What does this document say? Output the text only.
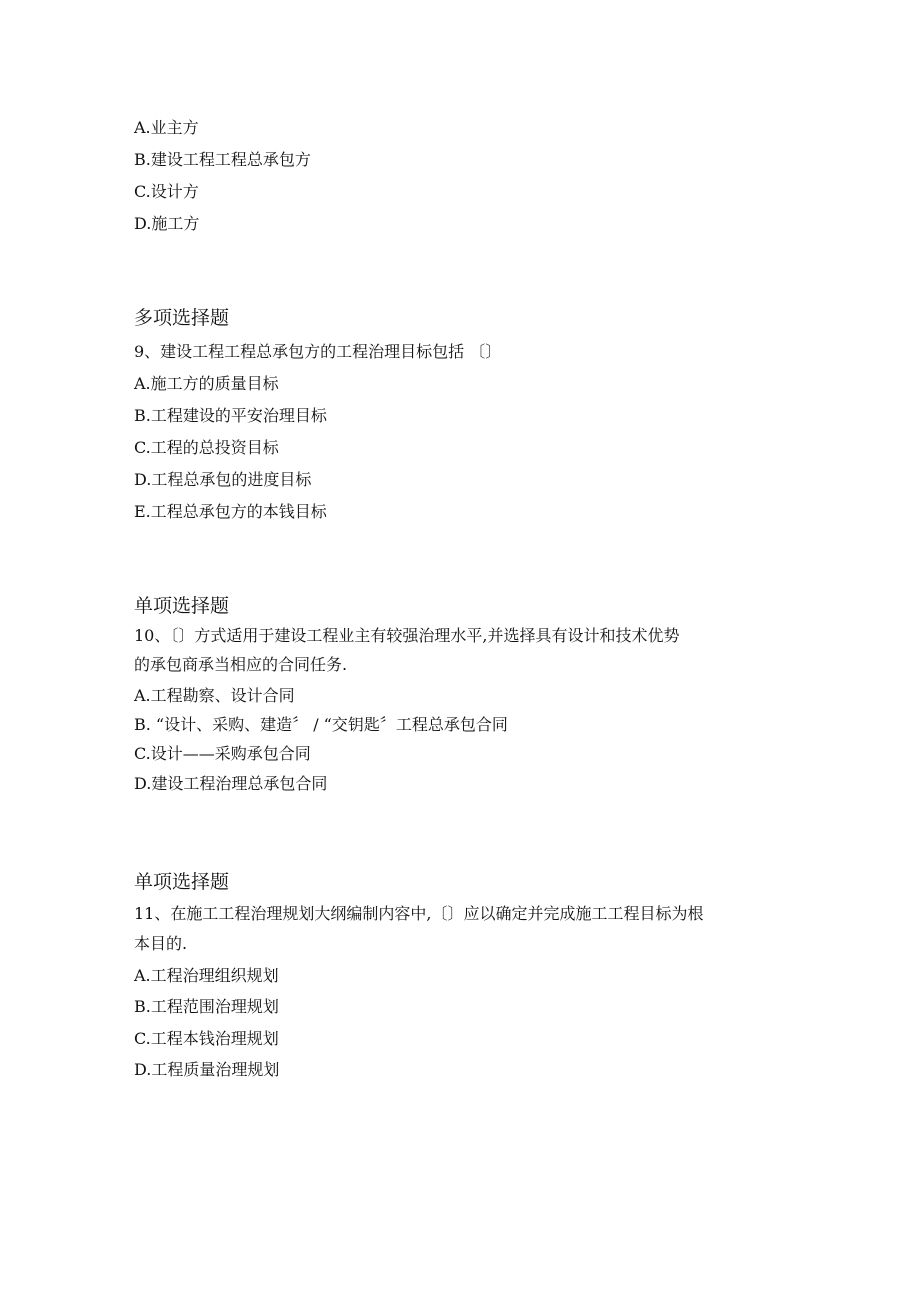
A.业主方
B.建设工程工程总承包方
C.设计方
D.施工方
多项选择题
9、建设工程工程总承包方的工程治理目标包括 〔〕
A.施工方的质量目标
B.工程建设的平安治理目标
C.工程的总投资目标
D.工程总承包的进度目标
E.工程总承包方的本钱目标
单项选择题
10、〔〕方式适用于建设工程业主有较强治理水平,并选择具有设计和技术优势
的承包商承当相应的合同任务.
A.工程勘察、设计合同
B. “设计、采购、建造〞 / “交钥匙〞工程总承包合同
C.设计——采购承包合同
D.建设工程治理总承包合同
单项选择题
11、在施工工程治理规划大纲编制内容中,〔〕应以确定并完成施工工程目标为根
本目的.
A.工程治理组织规划
B.工程范围治理规划
C.工程本钱治理规划
D.工程质量治理规划
